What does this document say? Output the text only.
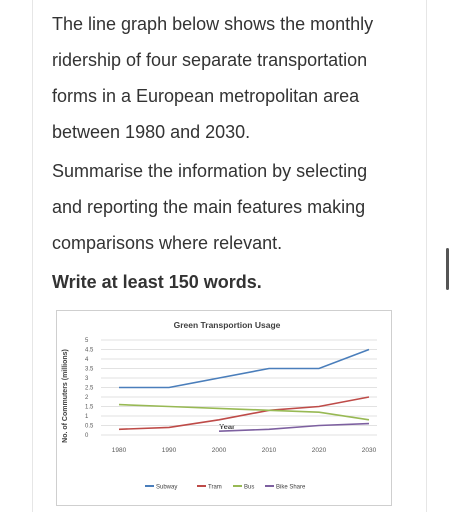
The line graph below shows the monthly ridership of four separate transportation forms in a European metropolitan area between 1980 and 2030.

Summarise the information by selecting and reporting the main features making comparisons where relevant.

Write at least 150 words.

Green Transportion Usage
No. of Commuters (millions)	Year
0
0.5
1
1.5
2
2.5
3
3.5
4
4.5
5
1980	1990	2000	2010	2020	2030
Subway	Tram	Bus	Bike Share
